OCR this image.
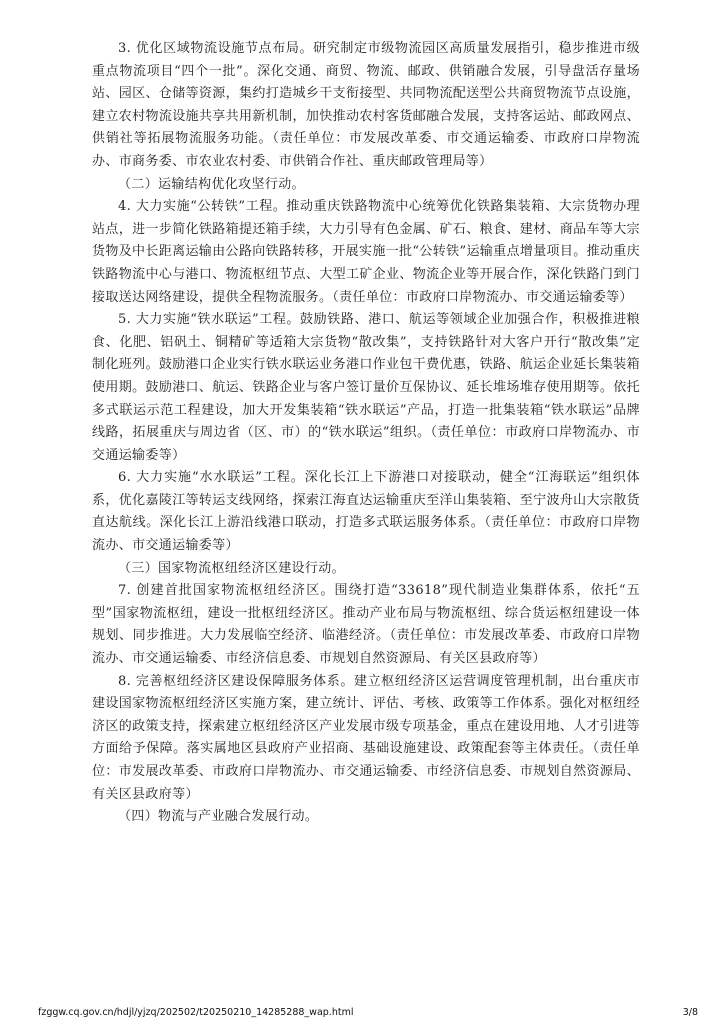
3. 优化区域物流设施节点布局。研究制定市级物流园区高质量发展指引，稳步推进市级重点物流项目“四个一批”。深化交通、商贸、物流、邮政、供销融合发展，引导盘活存量场站、园区、仓储等资源，集约打造城乡干支衔接型、共同物流配送型公共商贸物流节点设施，建立农村物流设施共享共用新机制，加快推动农村客货邮融合发展，支持客运站、邮政网点、供销社等拓展物流服务功能。（责任单位：市发展改革委、市交通运输委、市政府口岸物流办、市商务委、市农业农村委、市供销合作社、重庆邮政管理局等）

（二）运输结构优化攻坚行动。

4. 大力实施“公转铁”工程。推动重庆铁路物流中心统筹优化铁路集装箱、大宗货物办理站点，进一步简化铁路箱提还箱手续，大力引导有色金属、矿石、粮食、建材、商品车等大宗货物及中长距离运输由公路向铁路转移，开展实施一批“公转铁”运输重点增量项目。推动重庆铁路物流中心与港口、物流枢纽节点、大型工矿企业、物流企业等开展合作，深化铁路门到门接取送达网络建设，提供全程物流服务。（责任单位：市政府口岸物流办、市交通运输委等）

5. 大力实施“铁水联运”工程。鼓励铁路、港口、航运等领域企业加强合作，积极推进粮食、化肥、铝矾土、铜精矿等适箱大宗货物“散改集”，支持铁路针对大客户开行“散改集”定制化班列。鼓励港口企业实行铁水联运业务港口作业包干费优惠，铁路、航运企业延长集装箱使用期。鼓励港口、航运、铁路企业与客户签订量价互保协议、延长堆场堆存使用期等。依托多式联运示范工程建设，加大开发集装箱“铁水联运”产品，打造一批集装箱“铁水联运”品牌线路，拓展重庆与周边省（区、市）的“铁水联运”组织。（责任单位：市政府口岸物流办、市交通运输委等）

6. 大力实施“水水联运”工程。深化长江上下游港口对接联动，健全“江海联运”组织体系，优化嘉陵江等转运支线网络，探索江海直达运输重庆至洋山集装箱、至宁波舟山大宗散货直达航线。深化长江上游沿线港口联动，打造多式联运服务体系。（责任单位：市政府口岸物流办、市交通运输委等）

（三）国家物流枢纽经济区建设行动。

7. 创建首批国家物流枢纽经济区。围绕打造“33618”现代制造业集群体系，依托“五型”国家物流枢纽，建设一批枢纽经济区。推动产业布局与物流枢纽、综合货运枢纽建设一体规划、同步推进。大力发展临空经济、临港经济。（责任单位：市发展改革委、市政府口岸物流办、市交通运输委、市经济信息委、市规划自然资源局、有关区县政府等）

8. 完善枢纽经济区建设保障服务体系。建立枢纽经济区运营调度管理机制，出台重庆市建设国家物流枢纽经济区实施方案，建立统计、评估、考核、政策等工作体系。强化对枢纽经济区的政策支持，探索建立枢纽经济区产业发展市级专项基金，重点在建设用地、人才引进等方面给予保障。落实属地区县政府产业招商、基础设施建设、政策配套等主体责任。（责任单位：市发展改革委、市政府口岸物流办、市交通运输委、市经济信息委、市规划自然资源局、有关区县政府等）

（四）物流与产业融合发展行动。

fzggw.cq.gov.cn/hdjl/yjzq/202502/t20250210_14285288_wap.html	3/8
